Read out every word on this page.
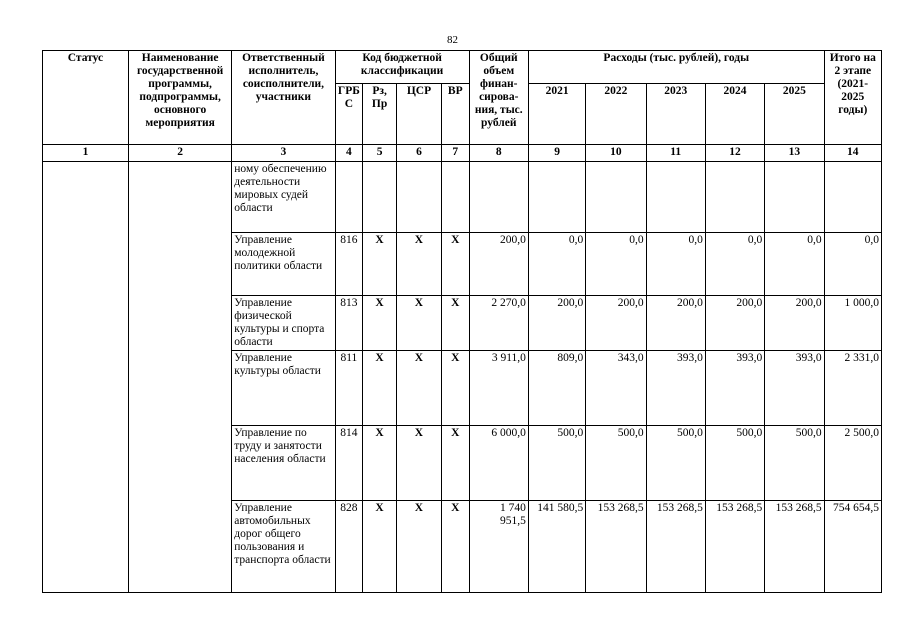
82
Статус	Наименование государственной программы, подпрограммы, основного мероприятия	Ответственный исполнитель, соисполнители, участники	Код бюджетной классификации				Общий объем финан-сирова-ния, тыс. рублей	Расходы (тыс. рублей), годы					Итого на 2 этапе (2021-2025 годы)
			ГРБ С	Рз, Пр	ЦСР	ВР		2021	2022	2023	2024	2025	
1	2	3	4	5	6	7	8	9	10	11	12	13	14
		ному обеспечению деятельности мировых судей области											
		Управление молодежной политики области	816	Х	Х	Х	200,0	0,0	0,0	0,0	0,0	0,0	0,0
		Управление физической культуры и спорта области	813	Х	Х	Х	2 270,0	200,0	200,0	200,0	200,0	200,0	1 000,0
		Управление культуры области	811	Х	Х	Х	3 911,0	809,0	343,0	393,0	393,0	393,0	2 331,0
		Управление по труду и занятости населения области	814	Х	Х	Х	6 000,0	500,0	500,0	500,0	500,0	500,0	2 500,0
		Управление автомобильных дорог общего пользования и транспорта области	828	Х	Х	Х	1 740 951,5	141 580,5	153 268,5	153 268,5	153 268,5	153 268,5	754 654,5
